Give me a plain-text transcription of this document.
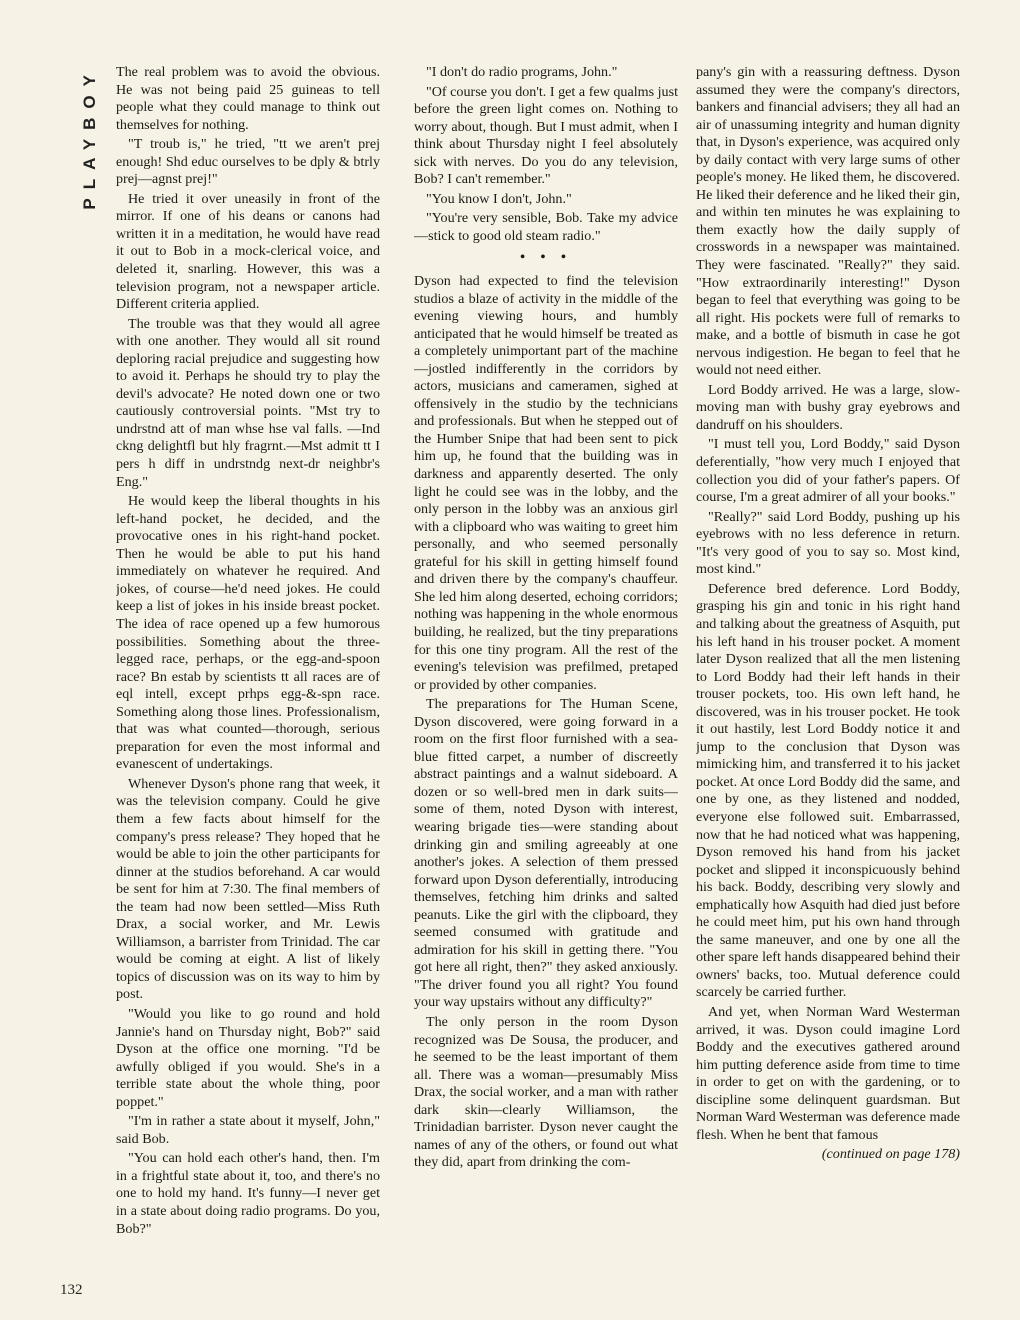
PLAYBOY
132

The real problem was to avoid the obvious. He was not being paid 25 guineas to tell people what they could manage to think out themselves for nothing.

"T troub is," he tried, "tt we aren't prej enough! Shd educ ourselves to be dply & btrly prej—agnst prej!"

He tried it over uneasily in front of the mirror. If one of his deans or canons had written it in a meditation, he would have read it out to Bob in a mock-clerical voice, and deleted it, snarling. However, this was a television program, not a newspaper article. Different criteria applied.

The trouble was that they would all agree with one another. They would all sit round deploring racial prejudice and suggesting how to avoid it. Perhaps he should try to play the devil's advocate? He noted down one or two cautiously controversial points. "Mst try to undrstnd att of man whse hse val falls. —Ind ckng delightfl but hly fragrnt.—Mst admit tt I pers h diff in undrstndg next-dr neighbr's Eng."

He would keep the liberal thoughts in his left-hand pocket, he decided, and the provocative ones in his right-hand pocket. Then he would be able to put his hand immediately on whatever he required. And jokes, of course—he'd need jokes. He could keep a list of jokes in his inside breast pocket. The idea of race opened up a few humorous possibilities. Something about the three-legged race, perhaps, or the egg-and-spoon race? Bn estab by scientists tt all races are of eql intell, except prhps egg-&-spn race. Something along those lines. Professionalism, that was what counted—thorough, serious preparation for even the most informal and evanescent of undertakings.

Whenever Dyson's phone rang that week, it was the television company. Could he give them a few facts about himself for the company's press release? They hoped that he would be able to join the other participants for dinner at the studios beforehand. A car would be sent for him at 7:30. The final members of the team had now been settled—Miss Ruth Drax, a social worker, and Mr. Lewis Williamson, a barrister from Trinidad. The car would be coming at eight. A list of likely topics of discussion was on its way to him by post.

"Would you like to go round and hold Jannie's hand on Thursday night, Bob?" said Dyson at the office one morning. "I'd be awfully obliged if you would. She's in a terrible state about the whole thing, poor poppet."

"I'm in rather a state about it myself, John," said Bob.

"You can hold each other's hand, then. I'm in a frightful state about it, too, and there's no one to hold my hand. It's funny—I never get in a state about doing radio programs. Do you, Bob?"

"I don't do radio programs, John."

"Of course you don't. I get a few qualms just before the green light comes on. Nothing to worry about, though. But I must admit, when I think about Thursday night I feel absolutely sick with nerves. Do you do any television, Bob? I can't remember."

"You know I don't, John."

"You're very sensible, Bob. Take my advice—stick to good old steam radio."

• • •

Dyson had expected to find the television studios a blaze of activity in the middle of the evening viewing hours, and humbly anticipated that he would himself be treated as a completely unimportant part of the machine—jostled indifferently in the corridors by actors, musicians and cameramen, sighed at offensively in the studio by the technicians and professionals. But when he stepped out of the Humber Snipe that had been sent to pick him up, he found that the building was in darkness and apparently deserted. The only light he could see was in the lobby, and the only person in the lobby was an anxious girl with a clipboard who was waiting to greet him personally, and who seemed personally grateful for his skill in getting himself found and driven there by the company's chauffeur. She led him along deserted, echoing corridors; nothing was happening in the whole enormous building, he realized, but the tiny preparations for this one tiny program. All the rest of the evening's television was prefilmed, pretaped or provided by other companies.

The preparations for The Human Scene, Dyson discovered, were going forward in a room on the first floor furnished with a sea-blue fitted carpet, a number of discreetly abstract paintings and a walnut sideboard. A dozen or so well-bred men in dark suits—some of them, noted Dyson with interest, wearing brigade ties—were standing about drinking gin and smiling agreeably at one another's jokes. A selection of them pressed forward upon Dyson deferentially, introducing themselves, fetching him drinks and salted peanuts. Like the girl with the clipboard, they seemed consumed with gratitude and admiration for his skill in getting there. "You got here all right, then?" they asked anxiously. "The driver found you all right? You found your way upstairs without any difficulty?"

The only person in the room Dyson recognized was De Sousa, the producer, and he seemed to be the least important of them all. There was a woman—presumably Miss Drax, the social worker, and a man with rather dark skin—clearly Williamson, the Trinidadian barrister. Dyson never caught the names of any of the others, or found out what they did, apart from drinking the com-

pany's gin with a reassuring deftness. Dyson assumed they were the company's directors, bankers and financial advisers; they all had an air of unassuming integrity and human dignity that, in Dyson's experience, was acquired only by daily contact with very large sums of other people's money. He liked them, he discovered. He liked their deference and he liked their gin, and within ten minutes he was explaining to them exactly how the daily supply of crosswords in a newspaper was maintained. They were fascinated. "Really?" they said. "How extraordinarily interesting!" Dyson began to feel that everything was going to be all right. His pockets were full of remarks to make, and a bottle of bismuth in case he got nervous indigestion. He began to feel that he would not need either.

Lord Boddy arrived. He was a large, slow-moving man with bushy gray eyebrows and dandruff on his shoulders.

"I must tell you, Lord Boddy," said Dyson deferentially, "how very much I enjoyed that collection you did of your father's papers. Of course, I'm a great admirer of all your books."

"Really?" said Lord Boddy, pushing up his eyebrows with no less deference in return. "It's very good of you to say so. Most kind, most kind."

Deference bred deference. Lord Boddy, grasping his gin and tonic in his right hand and talking about the greatness of Asquith, put his left hand in his trouser pocket. A moment later Dyson realized that all the men listening to Lord Boddy had their left hands in their trouser pockets, too. His own left hand, he discovered, was in his trouser pocket. He took it out hastily, lest Lord Boddy notice it and jump to the conclusion that Dyson was mimicking him, and transferred it to his jacket pocket. At once Lord Boddy did the same, and one by one, as they listened and nodded, everyone else followed suit. Embarrassed, now that he had noticed what was happening, Dyson removed his hand from his jacket pocket and slipped it inconspicuously behind his back. Boddy, describing very slowly and emphatically how Asquith had died just before he could meet him, put his own hand through the same maneuver, and one by one all the other spare left hands disappeared behind their owners' backs, too. Mutual deference could scarcely be carried further.

And yet, when Norman Ward Westerman arrived, it was. Dyson could imagine Lord Boddy and the executives gathered around him putting deference aside from time to time in order to get on with the gardening, or to discipline some delinquent guardsman. But Norman Ward Westerman was deference made flesh. When he bent that famous

(continued on page 178)
